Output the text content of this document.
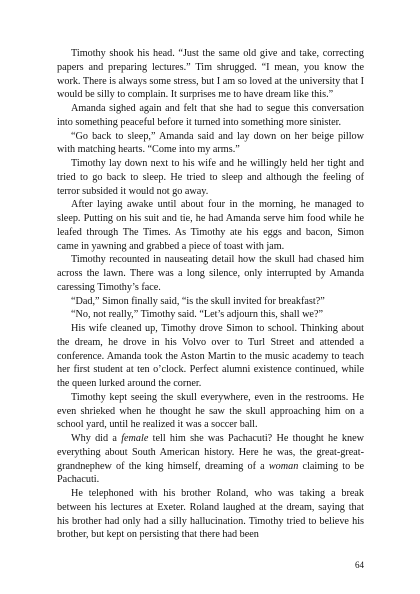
Timothy shook his head. “Just the same old give and take, correcting papers and preparing lectures.” Tim shrugged. “I mean, you know the work. There is always some stress, but I am so loved at the university that I would be silly to complain. It surprises me to have dream like this.”

Amanda sighed again and felt that she had to segue this conversation into something peaceful before it turned into something more sinister.

“Go back to sleep,” Amanda said and lay down on her beige pillow with matching hearts. “Come into my arms.”

Timothy lay down next to his wife and he willingly held her tight and tried to go back to sleep. He tried to sleep and although the feeling of terror subsided it would not go away.

After laying awake until about four in the morning, he managed to sleep. Putting on his suit and tie, he had Amanda serve him food while he leafed through The Times. As Timothy ate his eggs and bacon, Simon came in yawning and grabbed a piece of toast with jam.

Timothy recounted in nauseating detail how the skull had chased him across the lawn. There was a long silence, only interrupted by Amanda caressing Timothy’s face.

“Dad,” Simon finally said, “is the skull invited for breakfast?”

“No, not really,” Timothy said. “Let’s adjourn this, shall we?”

His wife cleaned up, Timothy drove Simon to school. Thinking about the dream, he drove in his Volvo over to Turl Street and attended a conference. Amanda took the Aston Martin to the music academy to teach her first student at ten o’clock. Perfect alumni existence continued, while the queen lurked around the corner.

Timothy kept seeing the skull everywhere, even in the restrooms. He even shrieked when he thought he saw the skull approaching him on a school yard, until he realized it was a soccer ball.

Why did a female tell him she was Pachacuti? He thought he knew everything about South American history. Here he was, the great-great-grandnephew of the king himself, dreaming of a woman claiming to be Pachacuti.

He telephoned with his brother Roland, who was taking a break between his lectures at Exeter. Roland laughed at the dream, saying that his brother had only had a silly hallucination. Timothy tried to believe his brother, but kept on persisting that there had been

64
